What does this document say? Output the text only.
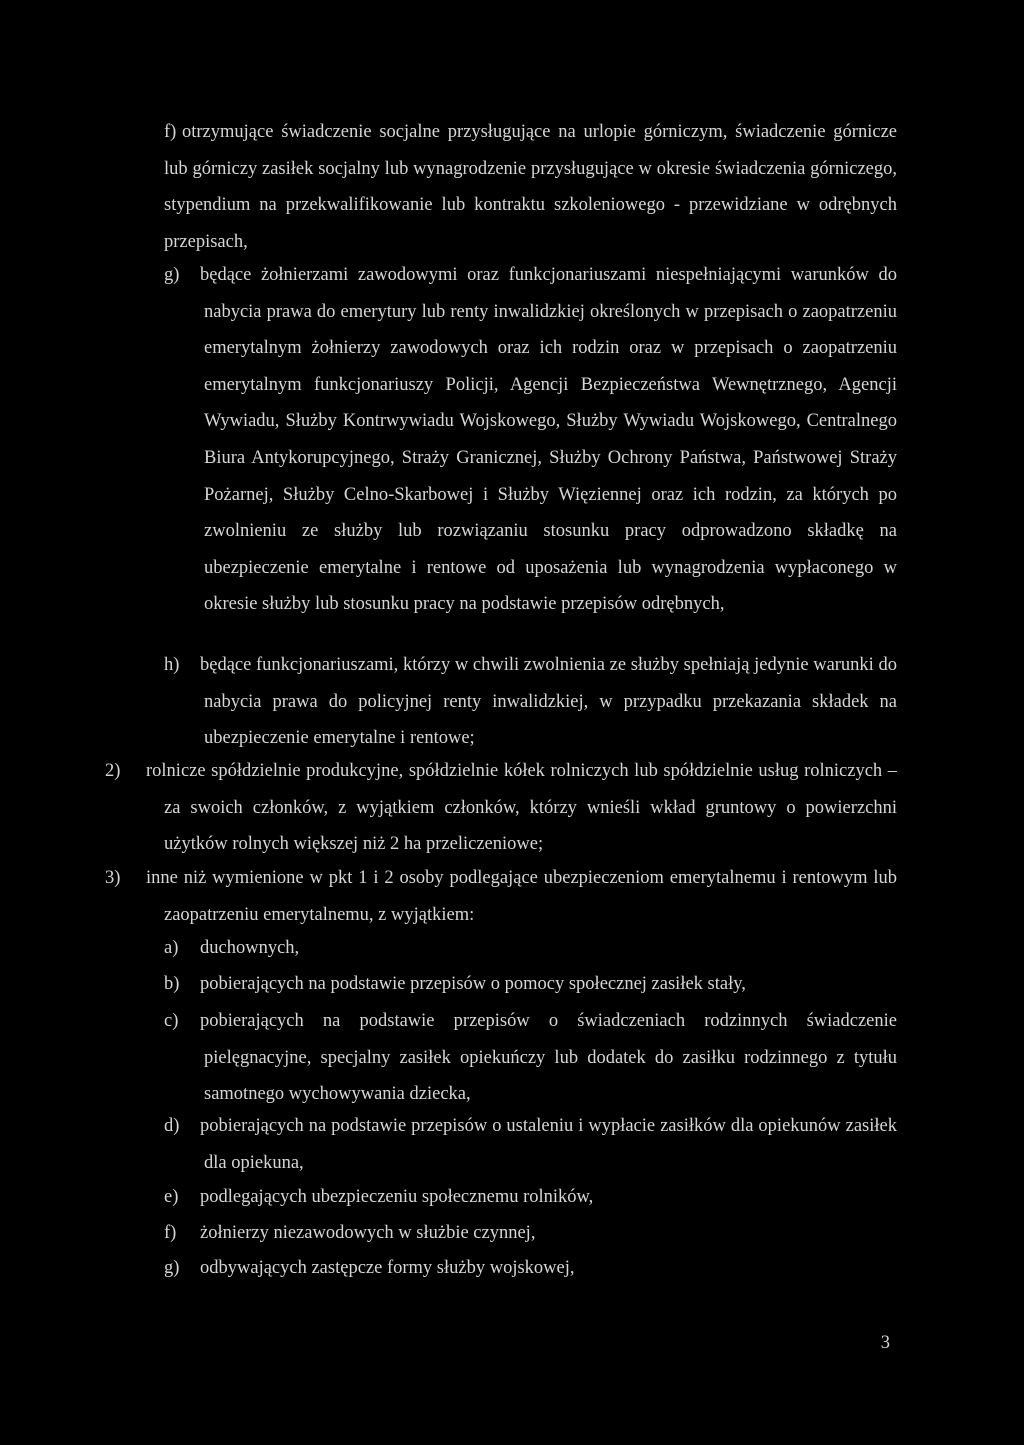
f) otrzymujące świadczenie socjalne przysługujące na urlopie górniczym, świadczenie górnicze lub górniczy zasiłek socjalny lub wynagrodzenie przysługujące w okresie świadczenia górniczego, stypendium na przekwalifikowanie lub kontraktu szkoleniowego - przewidziane w odrębnych przepisach,
g) będące żołnierzami zawodowymi oraz funkcjonariuszami niespełniającymi warunków do nabycia prawa do emerytury lub renty inwalidzkiej określonych w przepisach o zaopatrzeniu emerytalnym żołnierzy zawodowych oraz ich rodzin oraz w przepisach o zaopatrzeniu emerytalnym funkcjonariuszy Policji, Agencji Bezpieczeństwa Wewnętrznego, Agencji Wywiadu, Służby Kontrwywiadu Wojskowego, Służby Wywiadu Wojskowego, Centralnego Biura Antykorupcyjnego, Straży Granicznej, Służby Ochrony Państwa, Państwowej Straży Pożarnej, Służby Celno-Skarbowej i Służby Więziennej oraz ich rodzin, za których po zwolnieniu ze służby lub rozwiązaniu stosunku pracy odprowadzono składkę na ubezpieczenie emerytalne i rentowe od uposażenia lub wynagrodzenia wypłaconego w okresie służby lub stosunku pracy na podstawie przepisów odrębnych,
h) będące funkcjonariuszami, którzy w chwili zwolnienia ze służby spełniają jedynie warunki do nabycia prawa do policyjnej renty inwalidzkiej, w przypadku przekazania składek na ubezpieczenie emerytalne i rentowe;
2) rolnicze spółdzielnie produkcyjne, spółdzielnie kółek rolniczych lub spółdzielnie usług rolniczych – za swoich członków, z wyjątkiem członków, którzy wnieśli wkład gruntowy o powierzchni użytków rolnych większej niż 2 ha przeliczeniowe;
3) inne niż wymienione w pkt 1 i 2 osoby podlegające ubezpieczeniom emerytalnemu i rentowym lub zaopatrzeniu emerytalnemu, z wyjątkiem:
a) duchownych,
b) pobierających na podstawie przepisów o pomocy społecznej zasiłek stały,
c) pobierających na podstawie przepisów o świadczeniach rodzinnych świadczenie pielęgnacyjne, specjalny zasiłek opiekuńczy lub dodatek do zasiłku rodzinnego z tytułu samotnego wychowywania dziecka,
d) pobierających na podstawie przepisów o ustaleniu i wypłacie zasiłków dla opiekunów zasiłek dla opiekuna,
e) podlegających ubezpieczeniu społecznemu rolników,
f) żołnierzy niezawodowych w służbie czynnej,
g) odbywających zastępcze formy służby wojskowej,
3
